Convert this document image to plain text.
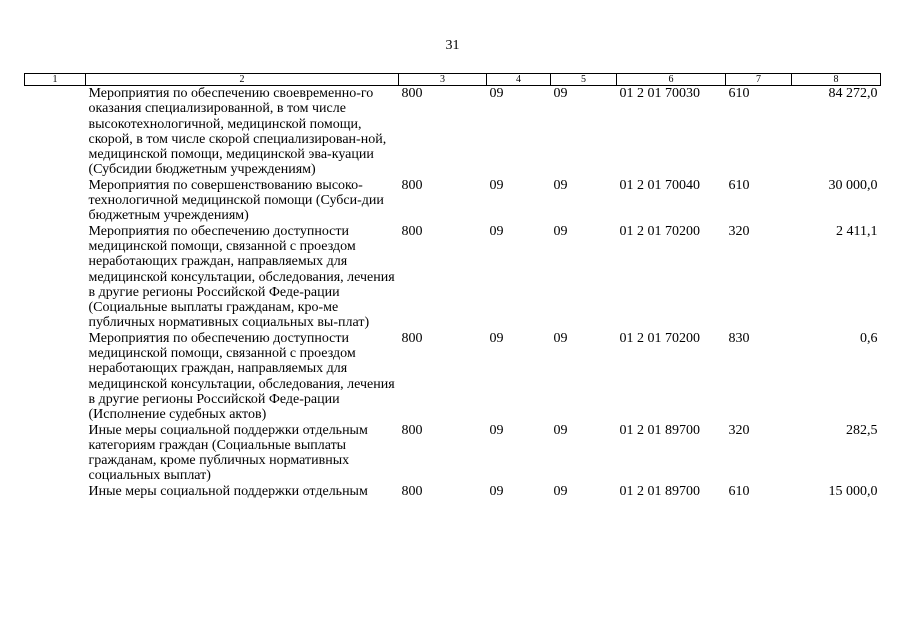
31
1	2	3	4	5	6	7	8
	Мероприятия по обеспечению своевременно-го оказания специализированной, в том числе высокотехнологичной, медицинской помощи, скорой, в том числе скорой специализирован-ной, медицинской помощи, медицинской эва-куации (Субсидии бюджетным учреждениям)	800	09	09	01 2 01 70030	610	84 272,0
	Мероприятия по совершенствованию высоко-технологичной медицинской помощи (Субси-дии бюджетным учреждениям)	800	09	09	01 2 01 70040	610	30 000,0
	Мероприятия по обеспечению доступности медицинской помощи, связанной с проездом неработающих граждан, направляемых для медицинской консультации, обследования, лечения в другие регионы Российской Феде-рации (Социальные выплаты гражданам, кро-ме публичных нормативных социальных вы-плат)	800	09	09	01 2 01 70200	320	2 411,1
	Мероприятия по обеспечению доступности медицинской помощи, связанной с проездом неработающих граждан, направляемых для медицинской консультации, обследования, лечения в другие регионы Российской Феде-рации (Исполнение судебных актов)	800	09	09	01 2 01 70200	830	0,6
	Иные меры социальной поддержки отдельным категориям граждан (Социальные выплаты гражданам, кроме публичных нормативных социальных выплат)	800	09	09	01 2 01 89700	320	282,5
	Иные меры социальной поддержки отдельным	800	09	09	01 2 01 89700	610	15 000,0
